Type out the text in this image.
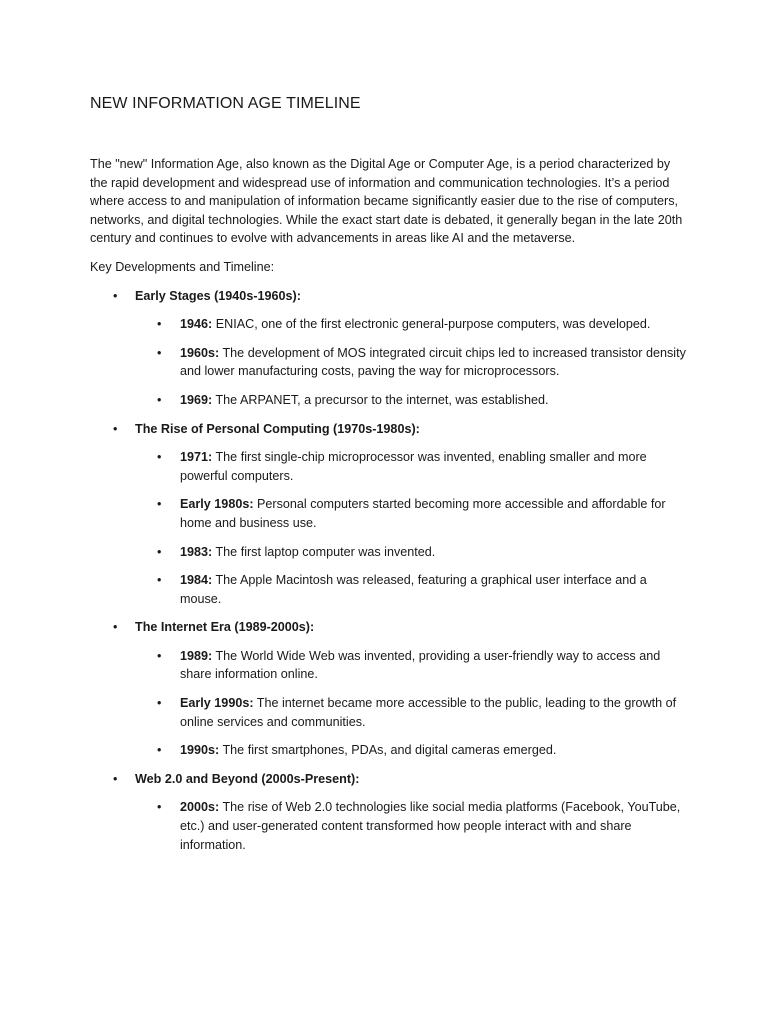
NEW INFORMATION AGE TIMELINE

The "new" Information Age, also known as the Digital Age or Computer Age, is a period characterized by the rapid development and widespread use of information and communication technologies. It’s a period where access to and manipulation of information became significantly easier due to the rise of computers, networks, and digital technologies. While the exact start date is debated, it generally began in the late 20th century and continues to evolve with advancements in areas like AI and the metaverse.

Key Developments and Timeline:

• Early Stages (1940s-1960s):
• 1946: ENIAC, one of the first electronic general-purpose computers, was developed.
• 1960s: The development of MOS integrated circuit chips led to increased transistor density and lower manufacturing costs, paving the way for microprocessors.
• 1969: The ARPANET, a precursor to the internet, was established.
• The Rise of Personal Computing (1970s-1980s):
• 1971: The first single-chip microprocessor was invented, enabling smaller and more powerful computers.
• Early 1980s: Personal computers started becoming more accessible and affordable for home and business use.
• 1983: The first laptop computer was invented.
• 1984: The Apple Macintosh was released, featuring a graphical user interface and a mouse.
• The Internet Era (1989-2000s):
• 1989: The World Wide Web was invented, providing a user-friendly way to access and share information online.
• Early 1990s: The internet became more accessible to the public, leading to the growth of online services and communities.
• 1990s: The first smartphones, PDAs, and digital cameras emerged.
• Web 2.0 and Beyond (2000s-Present):
• 2000s: The rise of Web 2.0 technologies like social media platforms (Facebook, YouTube, etc.) and user-generated content transformed how people interact with and share information.
